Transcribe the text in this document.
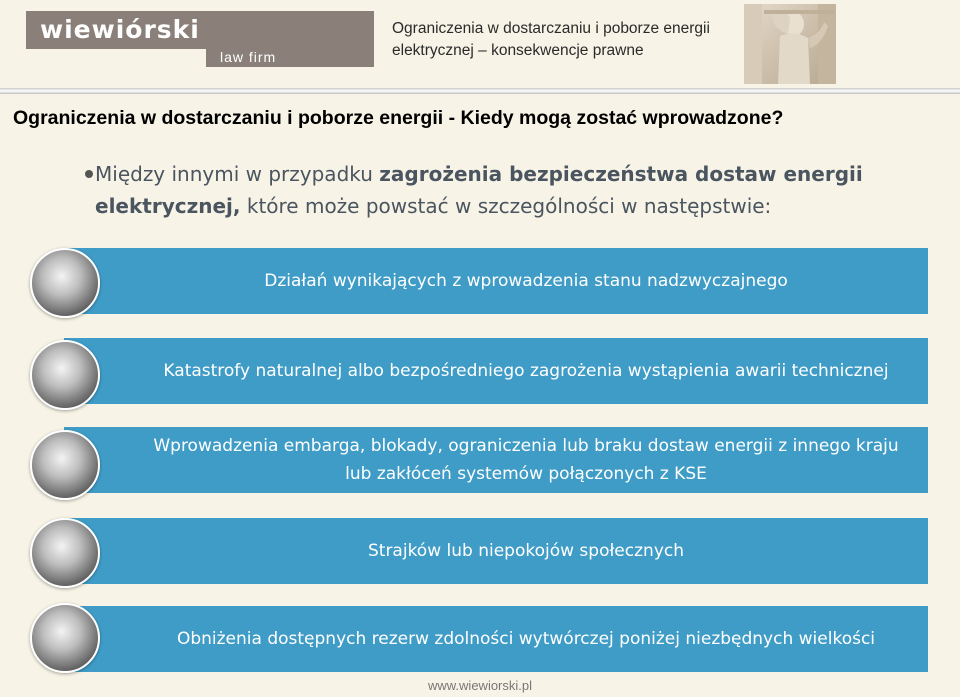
wiewiórski
law firm
Ograniczenia w dostarczaniu i poborze energii elektrycznej – konsekwencje prawne
Ograniczenia w dostarczaniu i poborze energii - Kiedy mogą zostać wprowadzone?
Między innymi w przypadku zagrożenia bezpieczeństwa dostaw energii elektrycznej, które może powstać w szczególności w następstwie:
Działań wynikających z wprowadzenia stanu nadzwyczajnego
Katastrofy naturalnej albo bezpośredniego zagrożenia wystąpienia awarii technicznej
Wprowadzenia embarga, blokady, ograniczenia lub braku dostaw energii z innego kraju lub zakłóceń systemów połączonych z KSE
Strajków lub niepokojów społecznych
Obniżenia dostępnych rezerw zdolności wytwórczej poniżej niezbędnych wielkości
www.wiewiorski.pl
